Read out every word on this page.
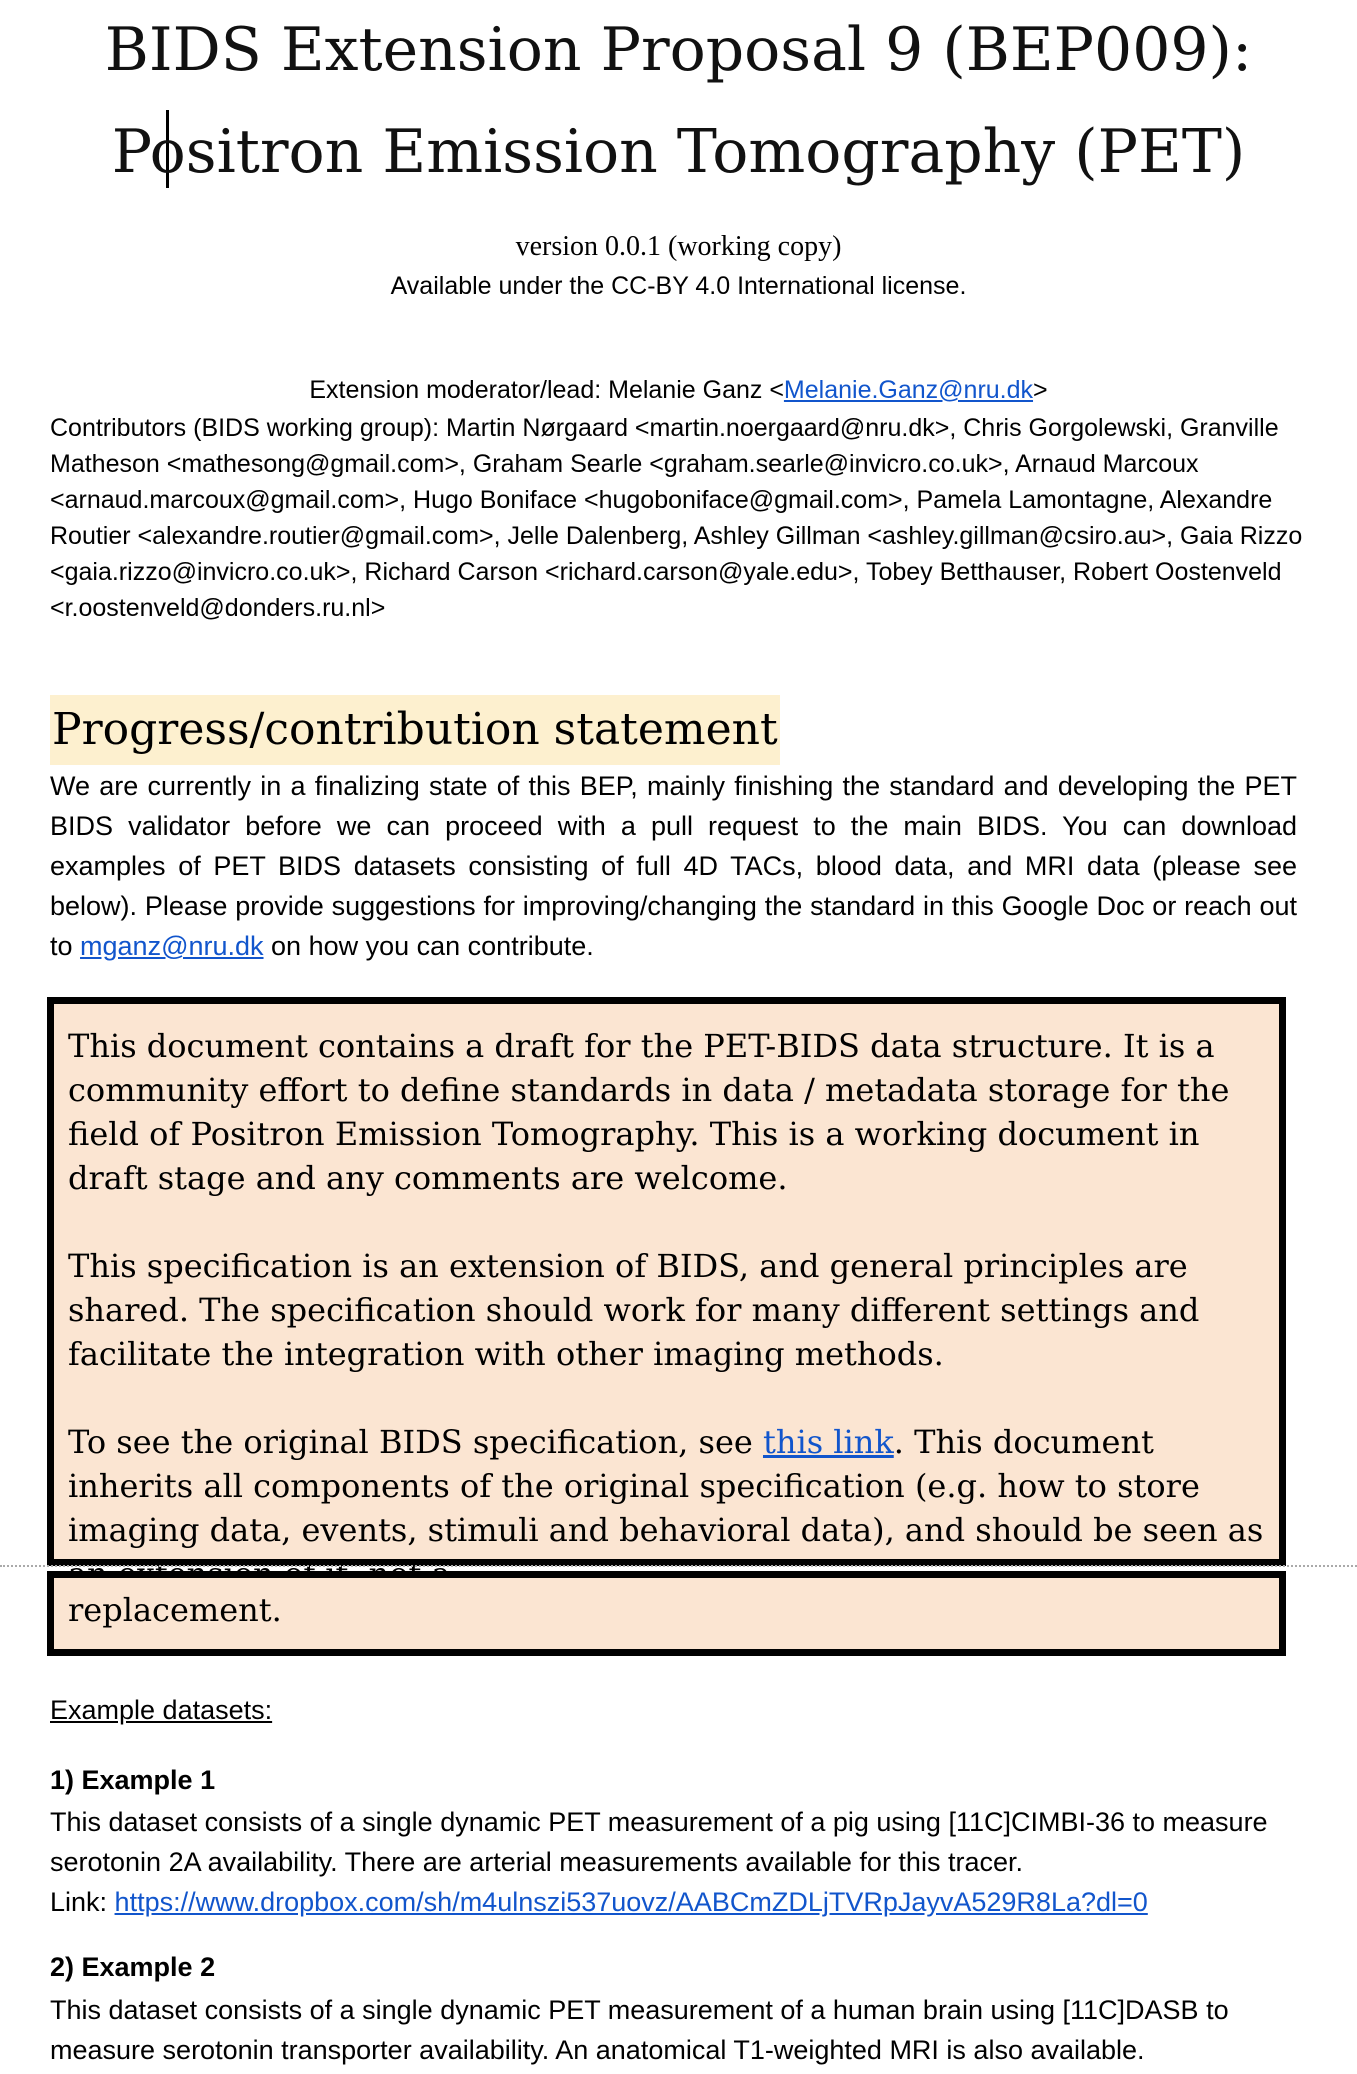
BIDS Extension Proposal 9 (BEP009):
Positron Emission Tomography (PET)
version 0.0.1 (working copy)
Available under the CC-BY 4.0 International license.
Extension moderator/lead: Melanie Ganz <Melanie.Ganz@nru.dk>
Contributors (BIDS working group): Martin Nørgaard <martin.noergaard@nru.dk>, Chris Gorgolewski, Granville Matheson <mathesong@gmail.com>, Graham Searle <graham.searle@invicro.co.uk>, Arnaud Marcoux <arnaud.marcoux@gmail.com>, Hugo Boniface <hugoboniface@gmail.com>, Pamela Lamontagne, Alexandre Routier <alexandre.routier@gmail.com>, Jelle Dalenberg, Ashley Gillman <ashley.gillman@csiro.au>, Gaia Rizzo <gaia.rizzo@invicro.co.uk>, Richard Carson <richard.carson@yale.edu>, Tobey Betthauser, Robert Oostenveld <r.oostenveld@donders.ru.nl>
Progress/contribution statement
We are currently in a finalizing state of this BEP, mainly finishing the standard and developing the PET BIDS validator before we can proceed with a pull request to the main BIDS. You can download examples of PET BIDS datasets consisting of full 4D TACs, blood data, and MRI data (please see below). Please provide suggestions for improving/changing the standard in this Google Doc or reach out to mganz@nru.dk on how you can contribute.

This document contains a draft for the PET-BIDS data structure. It is a community effort to define standards in data / metadata storage for the field of Positron Emission Tomography. This is a working document in draft stage and any comments are welcome.

This specification is an extension of BIDS, and general principles are shared. The specification should work for many different settings and facilitate the integration with other imaging methods.

To see the original BIDS specification, see this link. This document inherits all components of the original specification (e.g. how to store imaging data, events, stimuli and behavioral data), and should be seen as

replacement.

Example datasets:
1) Example 1
This dataset consists of a single dynamic PET measurement of a pig using [11C]CIMBI-36 to measure serotonin 2A availability. There are arterial measurements available for this tracer.
Link: https://www.dropbox.com/sh/m4ulnszi537uovz/AABCmZDLjTVRpJayvA529R8La?dl=0
2) Example 2
This dataset consists of a single dynamic PET measurement of a human brain using [11C]DASB to measure serotonin transporter availability. An anatomical T1-weighted MRI is also available.
